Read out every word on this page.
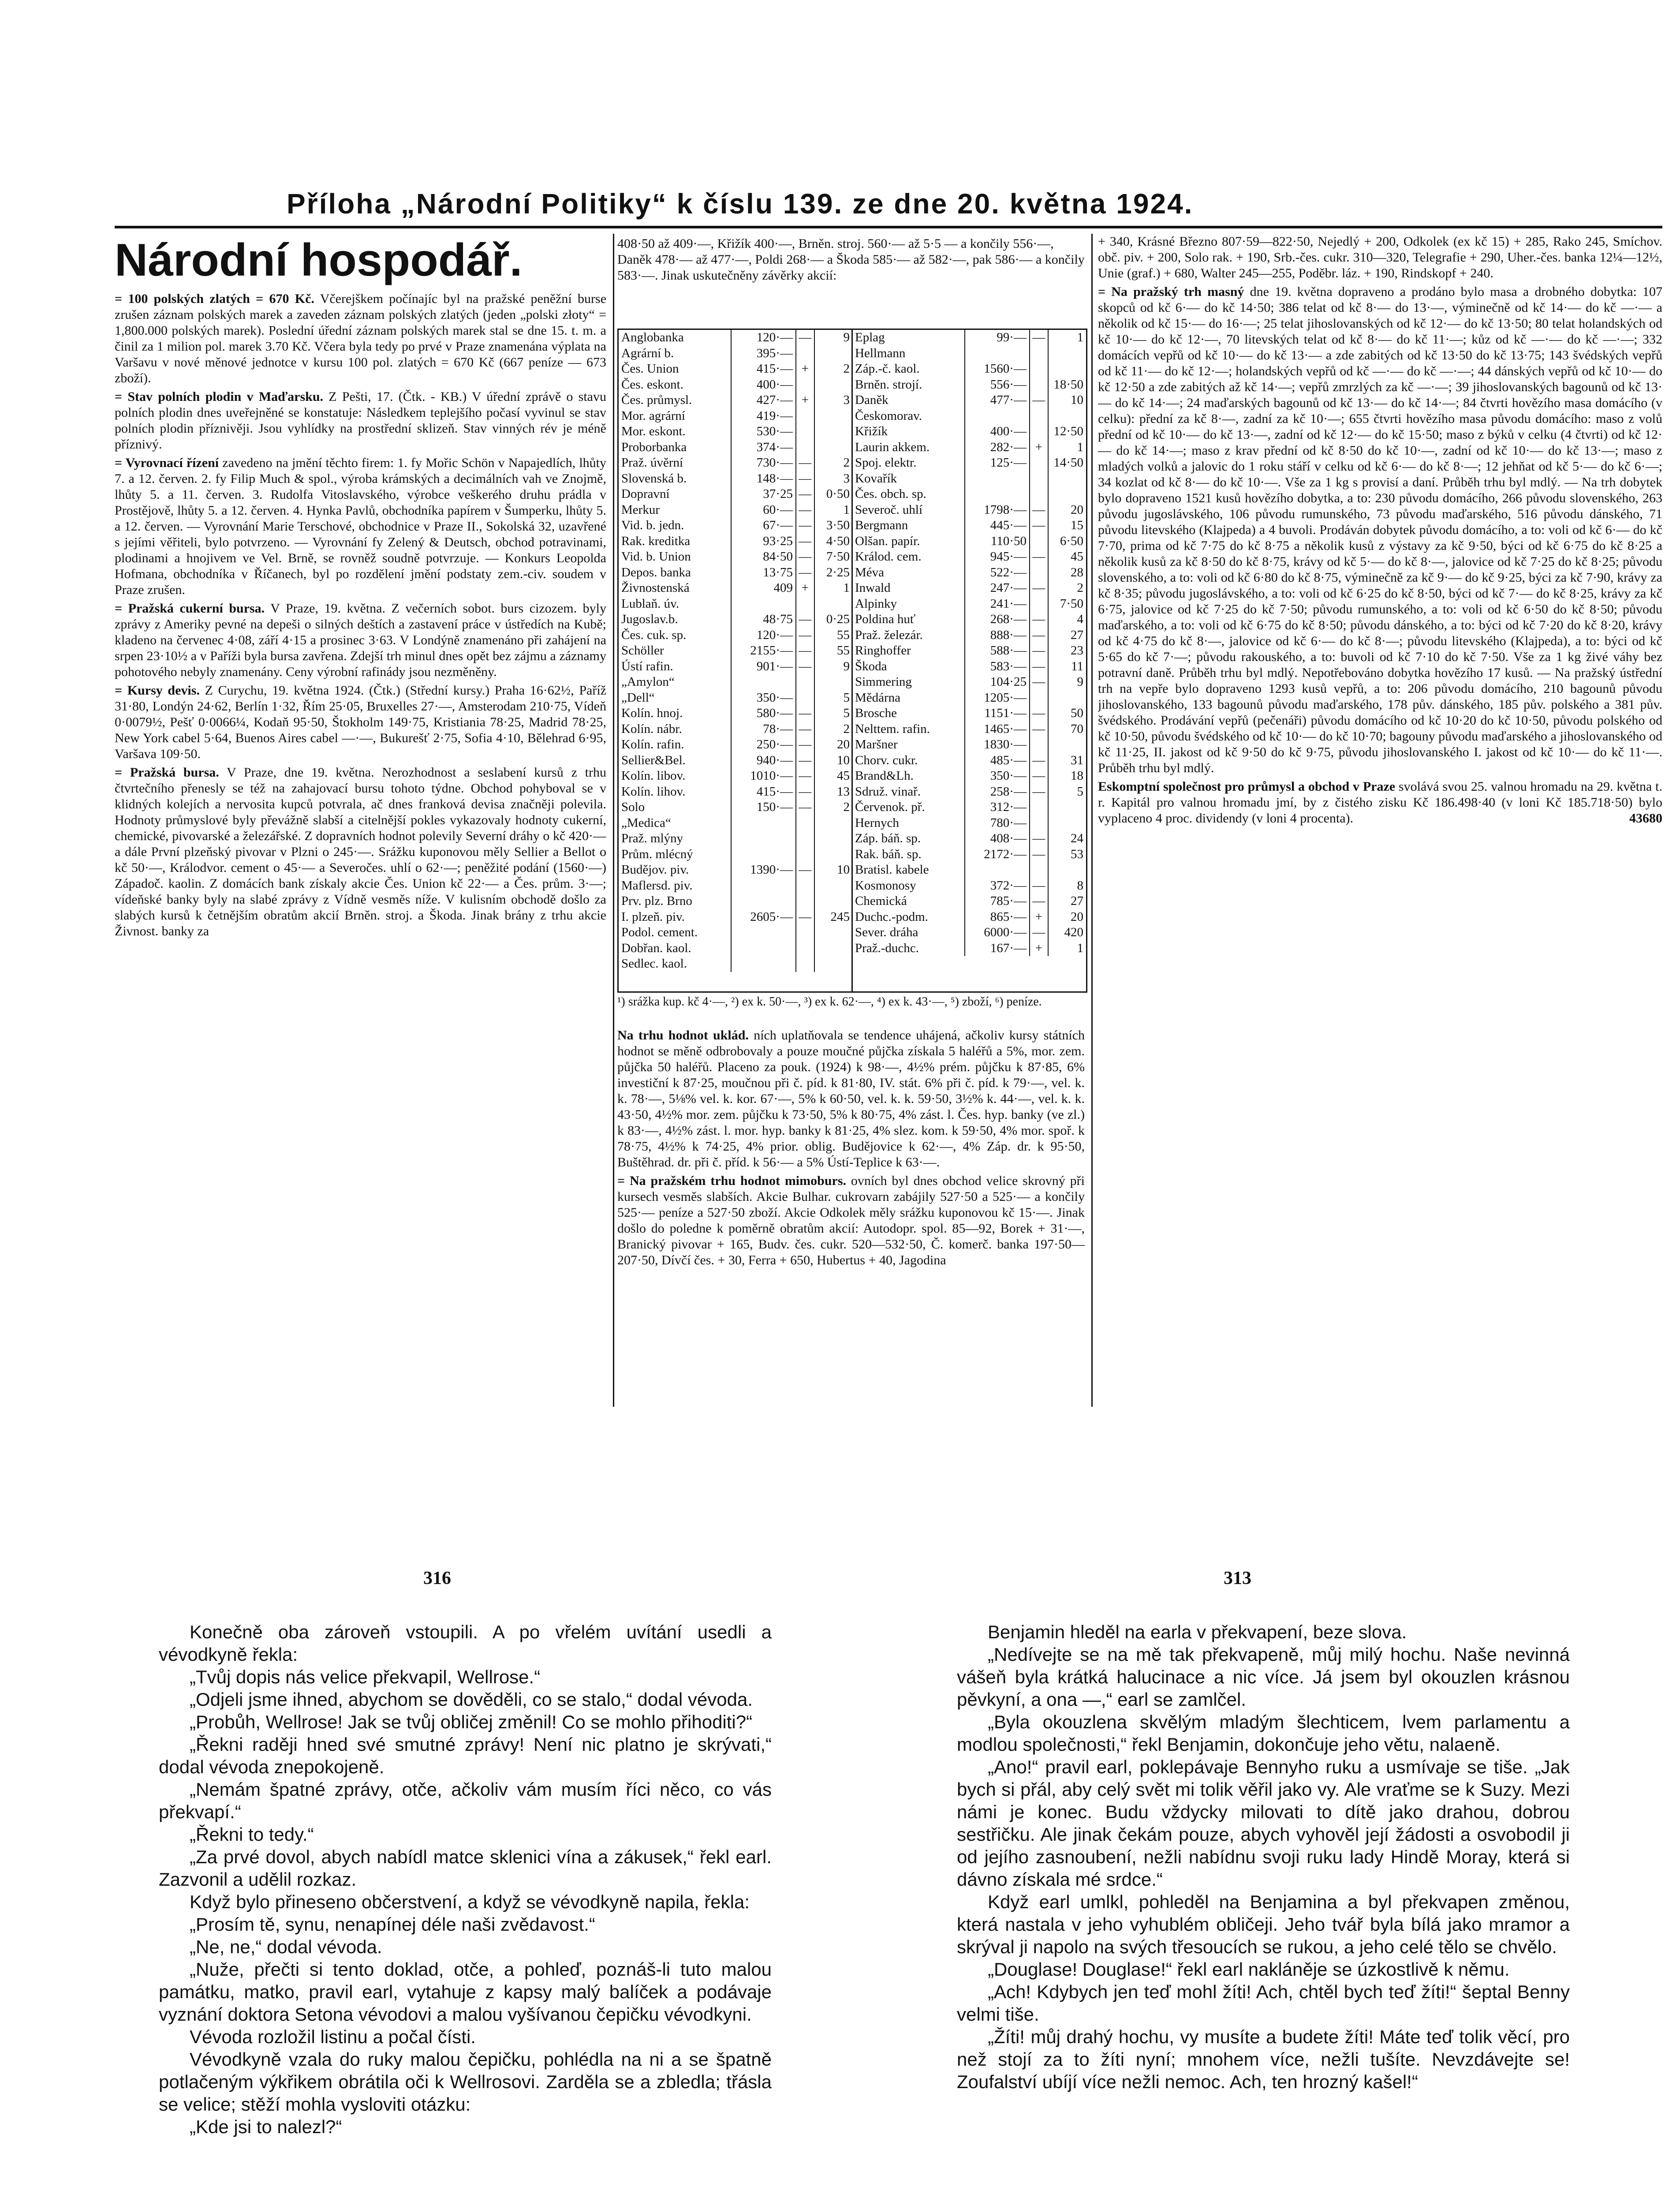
Příloha „Národní Politiky“ k číslu 139. ze dne 20. května 1924.
Národní hospodář.

= 100 polských zlatých = 670 Kč. Včerejškem počínajíc byl na pražské peněžní burse zrušen záznam polských marek a zaveden záznam polských zlatých (jeden „polski złoty“ = 1,800.000 polských marek). Poslední úřední záznam polských marek stal se dne 15. t. m. a činil za 1 milion pol. marek 3.70 Kč. Včera byla tedy po prvé v Praze znamenána výplata na Varšavu v nové měnové jednotce v kursu 100 pol. zlatých = 670 Kč (667 peníze — 673 zboží).

= Stav polních plodin v Maďarsku. Z Pešti, 17. (Čtk. - KB.) V úřední zprávě o stavu polních plodin dnes uveřejněné se konstatuje: Následkem teplejšího počasí vyvinul se stav polních plodin příznivěji. Jsou vyhlídky na prostřední sklizeň. Stav vinných rév je méně příznivý.

= Vyrovnací řízení zavedeno na jmění těchto firem: 1. fy Mořic Schön v Napajedlích, lhůty 7. a 12. červen. 2. fy Filip Much & spol., výroba krámských a decimálních vah ve Znojmě, lhůty 5. a 11. červen. 3. Rudolfa Vitoslavského, výrobce veškerého druhu prádla v Prostějově, lhůty 5. a 12. červen. 4. Hynka Pavlů, obchodníka papírem v Šumperku, lhůty 5. a 12. červen. — Vyrovnání Marie Terschové, obchodnice v Praze II., Sokolská 32, uzavřené s jejími věřiteli, bylo potvrzeno. — Vyrovnání fy Zelený & Deutsch, obchod potravinami, plodinami a hnojivem ve Vel. Brně, se rovněž soudně potvrzuje. — Konkurs Leopolda Hofmana, obchodníka v Říčanech, byl po rozdělení jmění podstaty zem.-civ. soudem v Praze zrušen.

= Pražská cukerní bursa. V Praze, 19. května. Z večerních sobot. burs cizozem. byly zprávy z Ameriky pevné na depeši o silných deštích a zastavení práce v ústředích na Kubě; kladeno na červenec 4·08, září 4·15 a prosinec 3·63. V Londýně znamenáno při zahájení na srpen 23·10½ a v Paříži byla bursa zavřena. Zdejší trh minul dnes opět bez zájmu a záznamy pohotového nebyly znamenány. Ceny výrobní rafinády jsou nezměněny.

= Kursy devis. Z Curychu, 19. května 1924. (Čtk.) (Střední kursy.) Praha 16·62½, Paříž 31·80, Londýn 24·62, Berlín 1·32, Řím 25·05, Bruxelles 27·—, Amsterodam 210·75, Vídeň 0·0079½, Pešť 0·0066¼, Kodaň 95·50, Štokholm 149·75, Kristiania 78·25, Madrid 78·25, New York cabel 5·64, Buenos Aires cabel —·—, Bukurešť 2·75, Sofia 4·10, Bělehrad 6·95, Varšava 109·50.

= Pražská bursa. V Praze, dne 19. května. Nerozhodnost a seslabení kursů z trhu čtvrtečního přenesly se též na zahajovací bursu tohoto týdne. Obchod pohyboval se v klidných kolejích a nervosita kupců potvrala, ač dnes franková devisa značněji polevila. Hodnoty průmyslové byly převážně slabší a citelnější pokles vykazovaly hodnoty cukerní, chemické, pivovarské a železářské. Z dopravních hodnot polevily Severní dráhy o kč 420·— a dále První plzeňský pivovar v Plzni o 245·—. Srážku kuponovou měly Sellier a Bellot o kč 50·—, Králodvor. cement o 45·— a Severočes. uhlí o 62·—; peněžité podání (1560·—) Západoč. kaolin. Z domácích bank získaly akcie Čes. Union kč 22·— a Čes. prům. 3·—; vídeňské banky byly na slabé zprávy z Vídně vesměs níže. V kulisním obchodě došlo za slabých kursů k četnějším obratům akcií Brněn. stroj. a Škoda. Jinak brány z trhu akcie Živnost. banky za

408·50 až 409·—, Křižík 400·—, Brněn. stroj. 560·— až 5·5 — a končily 556·—, Daněk 478·— až 477·—, Poldi 268·— a Škoda 585·— až 582·—, pak 586·— a končily 583·—. Jinak uskutečněny závěrky akcií:
Anglobanka	120·— —	9
Agrární b.	395·—
Čes. Union	415·— +	2
Čes. eskont.	400·—
Čes. průmysl.	427·— +	3
Mor. agrární	419·—
Mor. eskont.	530·—
Proborbanka	374·—
Praž. úvěrní	730·— —	2
Slovenská b.	148·— —	3
Dopravní	37·25 —	0·50
Merkur	60·— —	1
Vid. b. jedn.	67·— —	3·50
Rak. kreditka	93·25 —	4·50
Vid. b. Union	84·50 —	7·50
Depos. banka	13·75 —	2·25
Živnostenská	409 +	1
Lublaň. úv.
Jugoslav.b.	48·75 —	0·25
Čes. cuk. sp.	120·— —	55
Schöller	2155·— —	55
Ústí rafin.	901·— —	9
„Amylon“
„Dell“	350·—	5
Kolín. hnoj.	580·— —	5
Kolín. nábr.	78·— —	2
Kolín. rafin.	250·— —	20
Sellier&Bel.	940·— —	10
Kolín. libov.	1010·— —	45
Kolín. lihov.	415·— —	13
Solo	150·— —	2
„Medica“
Praž. mlýny
Prům. mlécný
Budějov. piv.	1390·— —	10
Maflersd. piv.
Prv. plz. Brno
I. plzeň. piv.	2605·— —	245
Podol. cement.
Dobřan. kaol.
Sedlec. kaol.
Eplag	99·— —	1
Hellmann
Záp.-č. kaol.	1560·—
Brněn. strojí.	556·—	18·50
Daněk	477·— —	10
Českomorav.
Křižík	400·—	12·50
Laurin akkem.	282·— +	1
Spoj. elektr.	125·—	14·50
Kovařík
Čes. obch. sp.
Severoč. uhlí	1798·— —	20
Bergmann	445·— —	15
Olšan. papír.	110·50	6·50
Králod. cem.	945·— —	45
Méva	522·—	28
Inwald	247·— —	2
Alpinky	241·—	7·50
Poldina huť	268·— —	4
Praž. železár.	888·— —	27
Ringhoffer	588·— —	23
Škoda	583·— —	11
Simmering	104·25 —	9
Mědárna	1205·—
Brosche	1151·— —	50
Nelttem. rafin.	1465·— —	70
Maršner	1830·—
Chorv. cukr.	485·— —	31
Brand&Lh.	350·— —	18
Sdruž. vinař.	258·— —	5
Červenok. př.	312·—
Hernych	780·—
Záp. báň. sp.	408·— —	24
Rak. báň. sp.	2172·— —	53
Bratisl. kabele
Kosmonosy	372·— —	8
Chemická	785·— —	27
Duchc.-podm.	865·— +	20
Sever. dráha	6000·— —	420
Praž.-duchc.	167·— +	1
¹) srážka kup. kč 4·—, ²) ex k. 50·—, ³) ex k. 62·—, ⁴) ex k. 43·—, ⁵) zboží, ⁶) peníze.

Na trhu hodnot uklád. ních uplatňovala se tendence uhájená, ačkoliv kursy státních hodnot se měně odbrobovaly a pouze moučné půjčka získala 5 haléřů a 5%, mor. zem. půjčka 50 haléřů. Placeno za pouk. (1924) k 98·—, 4½% prém. půjčku k 87·85, 6% investiční k 87·25, moučnou při č. píd. k 81·80, IV. stát. 6% při č. píd. k 79·—, vel. k. k. 78·—, 5⅛% vel. k. kor. 67·—, 5% k 60·50, vel. k. k. 59·50, 3½% k. 44·—, vel. k. k. 43·50, 4½% mor. zem. půjčku k 73·50, 5% k 80·75, 4% zást. l. Čes. hyp. banky (ve zl.) k 83·—, 4½% zást. l. mor. hyp. banky k 81·25, 4% slez. kom. k 59·50, 4% mor. spoř. k 78·75, 4½% k 74·25, 4% prior. oblig. Budějovice k 62·—, 4% Záp. dr. k 95·50, Buštěhrad. dr. při č. příd. k 56·— a 5% Ústí-Teplice k 63·—.

= Na pražském trhu hodnot mimoburs. ovních byl dnes obchod velice skrovný při kursech vesměs slabších. Akcie Bulhar. cukrovarn zabájily 527·50 a 525·— a končily 525·— peníze a 527·50 zboží. Akcie Odkolek měly srážku kuponovou kč 15·—. Jinak došlo do poledne k poměrně obratům akcií: Autodopr. spol. 85—92, Borek + 31·—, Branický pivovar + 165, Budv. čes. cukr. 520—532·50, Č. komerč. banka 197·50—207·50, Dívčí čes. + 30, Ferra + 650, Hubertus + 40, Jagodina

+ 340, Krásné Březno 807·59—822·50, Nejedlý + 200, Odkolek (ex kč 15) + 285, Rako 245, Smíchov. obč. piv. + 200, Solo rak. + 190, Srb.-čes. cukr. 310—320, Telegrafie + 290, Uher.-čes. banka 12¼—12½, Unie (graf.) + 680, Walter 245—255, Poděbr. láz. + 190, Rindskopf + 240.

= Na pražský trh masný dne 19. května dopraveno a prodáno bylo masa a drobného dobytka: 107 skopců od kč 6·— do kč 14·50; 386 telat od kč 8·— do 13·—, výminečně od kč 14·— do kč —·— a několik od kč 15·— do 16·—; 25 telat jihoslovanských od kč 12·— do kč 13·50; 80 telat holandských od kč 10·— do kč 12·—, 70 litevských telat od kč 8·— do kč 11·—; kůz od kč —·— do kč —·—; 332 domácích vepřů od kč 10·— do kč 13·— a zde zabitých od kč 13·50 do kč 13·75; 143 švédských vepřů od kč 11·— do kč 12·—; holandských vepřů od kč —·— do kč —·—; 44 dánských vepřů od kč 10·— do kč 12·50 a zde zabitých až kč 14·—; vepřů zmrzlých za kč —·—; 39 jihoslovanských bagounů od kč 13·— do kč 14·—; 24 maďarských bagounů od kč 13·— do kč 14·—; 84 čtvrti hovězího masa domácího (v celku): přední za kč 8·—, zadní za kč 10·—; 655 čtvrti hovězího masa původu domácího: maso z volů přední od kč 10·— do kč 13·—, zadní od kč 12·— do kč 15·50; maso z býků v celku (4 čtvrti) od kč 12·— do kč 14·—; maso z krav přední od kč 8·50 do kč 10·—, zadní od kč 10·— do kč 13·—; maso z mladých volků a jalovic do 1 roku stáří v celku od kč 6·— do kč 8·—; 12 jehňat od kč 5·— do kč 6·—; 34 kozlat od kč 8·— do kč 10·—. Vše za 1 kg s provisí a daní. Průběh trhu byl mdlý. — Na trh dobytek bylo dopraveno 1521 kusů hovězího dobytka, a to: 230 původu domácího, 266 původu slovenského, 263 původu jugoslávského, 106 původu rumunského, 73 původu maďarského, 516 původu dánského, 71 původu litevského (Klajpeda) a 4 buvoli. Prodáván dobytek původu domácího, a to: voli od kč 6·— do kč 7·70, prima od kč 7·75 do kč 8·75 a několik kusů z výstavy za kč 9·50, býci od kč 6·75 do kč 8·25 a několik kusů za kč 8·50 do kč 8·75, krávy od kč 5·— do kč 8·—, jalovice od kč 7·25 do kč 8·25; původu slovenského, a to: voli od kč 6·80 do kč 8·75, výminečně za kč 9·— do kč 9·25, býci za kč 7·90, krávy za kč 8·35; původu jugoslávského, a to: voli od kč 6·25 do kč 8·50, býci od kč 7·— do kč 8·25, krávy za kč 6·75, jalovice od kč 7·25 do kč 7·50; původu rumunského, a to: voli od kč 6·50 do kč 8·50; původu maďarského, a to: voli od kč 6·75 do kč 8·50; původu dánského, a to: býci od kč 7·20 do kč 8·20, krávy od kč 4·75 do kč 8·—, jalovice od kč 6·— do kč 8·—; původu litevského (Klajpeda), a to: býci od kč 5·65 do kč 7·—; původu rakouského, a to: buvoli od kč 7·10 do kč 7·50. Vše za 1 kg živé váhy bez potravní daně. Průběh trhu byl mdlý. Nepotřebováno dobytka hovězího 17 kusů. — Na pražský ústřední trh na vepře bylo dopraveno 1293 kusů vepřů, a to: 206 původu domácího, 210 bagounů původu jihoslovanského, 133 bagounů původu maďarského, 178 pův. dánského, 185 pův. polského a 381 pův. švédského. Prodávání vepřů (pečenáři) původu domácího od kč 10·20 do kč 10·50, původu polského od kč 10·50, původu švédského od kč 10·— do kč 10·70; bagouny původu maďarského a jihoslovanského od kč 11·25, II. jakost od kč 9·50 do kč 9·75, původu jihoslovanského I. jakost od kč 10·— do kč 11·—. Průběh trhu byl mdlý.

Eskomptní společnost pro průmysl a obchod v Praze svolává svou 25. valnou hromadu na 29. května t. r. Kapitál pro valnou hromadu jmí, by z čistého zisku Kč 186.498·40 (v loni Kč 185.718·50) bylo vyplaceno 4 proc. dividendy (v loni 4 procenta).	43680

316	313

Konečně oba zároveň vstoupili. A po vřelém uvítání usedli a vévodkyně řekla:

„Tvůj dopis nás velice překvapil, Wellrose.“

„Odjeli jsme ihned, abychom se dověděli, co se stalo,“ dodal vévoda.

„Probůh, Wellrose! Jak se tvůj obličej změnil! Co se mohlo přihoditi?“

„Řekni raději hned své smutné zprávy! Není nic platno je skrývati,“ dodal vévoda znepokojeně.

„Nemám špatné zprávy, otče, ačkoliv vám musím říci něco, co vás překvapí.“

„Řekni to tedy.“

„Za prvé dovol, abych nabídl matce sklenici vína a zákusek,“ řekl earl. Zazvonil a udělil rozkaz.

Když bylo přineseno občerstvení, a když se vévodkyně napila, řekla:

„Prosím tě, synu, nenapínej déle naši zvědavost.“

„Ne, ne,“ dodal vévoda.

„Nuže, přečti si tento doklad, otče, a pohleď, poznáš-li tuto malou památku, matko, pravil earl, vytahuje z kapsy malý balíček a podávaje vyznání doktora Setona vévodovi a malou vyšívanou čepičku vévodkyni.

Vévoda rozložil listinu a počal čísti.

Vévodkyně vzala do ruky malou čepičku, pohlédla na ni a se špatně potlačeným výkřikem obrátila oči k Wellrosovi. Zarděla se a zbledla; třásla se velice; stěží mohla vysloviti otázku:

„Kde jsi to nalezl?“

Benjamin hleděl na earla v překvapení, beze slova.

„Nedívejte se na mě tak překvapeně, můj milý hochu. Naše nevinná vášeň byla krátká halucinace a nic více. Já jsem byl okouzlen krásnou pěvkyní, a ona —,“ earl se zamlčel.

„Byla okouzlena skvělým mladým šlechticem, lvem parlamentu a modlou společnosti,“ řekl Benjamin, dokončuje jeho větu, nalaeně.

„Ano!“ pravil earl, poklepávaje Bennyho ruku a usmívaje se tiše. „Jak bych si přál, aby celý svět mi tolik věřil jako vy. Ale vraťme se k Suzy. Mezi námi je konec. Budu vždycky milovati to dítě jako drahou, dobrou sestřičku. Ale jinak čekám pouze, abych vyhověl její žádosti a osvobodil ji od jejího zasnoubení, nežli nabídnu svoji ruku lady Hindě Moray, která si dávno získala mé srdce.“

Když earl umlkl, pohleděl na Benjamina a byl překvapen změnou, která nastala v jeho vyhublém obličeji. Jeho tvář byla bílá jako mramor a skrýval ji napolo na svých třesoucích se rukou, a jeho celé tělo se chvělo.

„Douglase! Douglase!“ řekl earl nakláněje se úzkostlivě k němu.

„Ach! Kdybych jen teď mohl žíti! Ach, chtěl bych teď žíti!“ šeptal Benny velmi tiše.

„Žíti! můj drahý hochu, vy musíte a budete žíti! Máte teď tolik věcí, pro než stojí za to žíti nyní; mnohem více, nežli tušíte. Nevzdávejte se! Zoufalství ubíjí více nežli nemoc. Ach, ten hrozný kašel!“
